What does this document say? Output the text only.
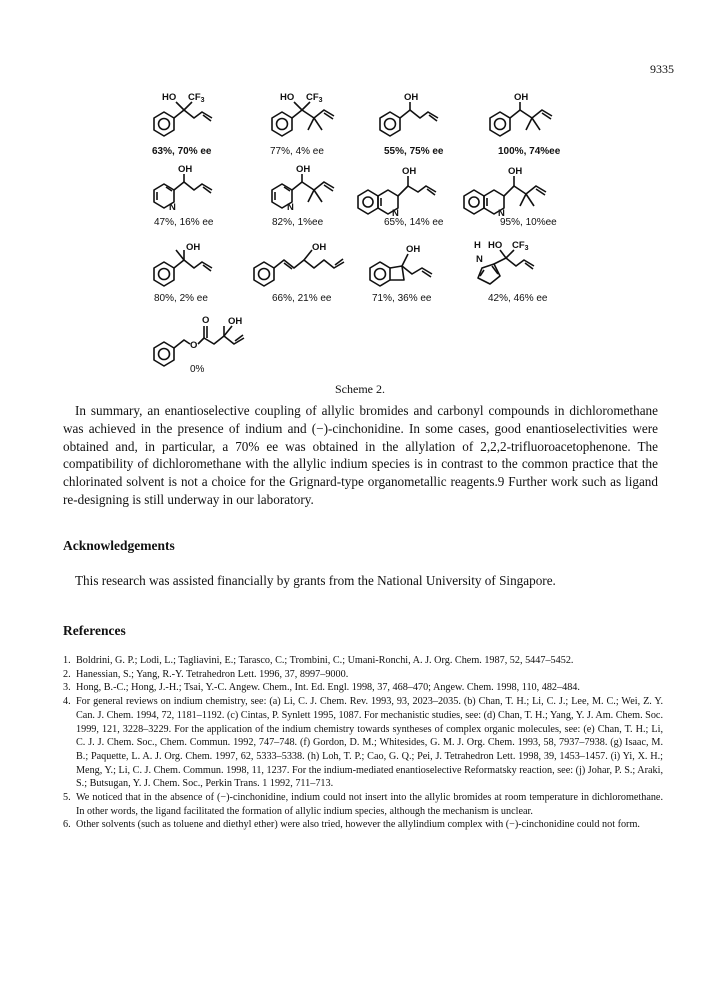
9335
HO $CF_3$	HO $CF_3$	OH	OH
OH
N
OH
N
OH
N
OH
N
OH	OH	OH	H
N
HO $CF_3$
O
O OH
63%, 70% ee	77%, 4% ee	55%, 75% ee	100%, 74%ee
47%, 16% ee	82%, 1%ee	65%, 14% ee	95%, 10%ee
80%, 2% ee	66%, 21% ee	71%, 36% ee	42%, 46% ee
0%
Scheme 2.

In summary, an enantioselective coupling of allylic bromides and carbonyl compounds in dichloromethane was achieved in the presence of indium and (−)-cinchonidine. In some cases, good enantioselectivities were obtained and, in particular, a 70% ee was obtained in the allylation of 2,2,2-trifluoroacetophenone. The compatibility of dichloromethane with the allylic indium species is in contrast to the common practice that the chlorinated solvent is not a choice for the Grignard-type organometallic reagents.9 Further work such as ligand re-designing is still underway in our laboratory.

Acknowledgements
This research was assisted financially by grants from the National University of Singapore.
References
1. Boldrini, G. P.; Lodi, L.; Tagliavini, E.; Tarasco, C.; Trombini, C.; Umani-Ronchi, A. J. Org. Chem. 1987, 52, 5447–5452.
2. Hanessian, S.; Yang, R.-Y. Tetrahedron Lett. 1996, 37, 8997–9000.
3. Hong, B.-C.; Hong, J.-H.; Tsai, Y.-C. Angew. Chem., Int. Ed. Engl. 1998, 37, 468–470; Angew. Chem. 1998, 110, 482–484.
4. For general reviews on indium chemistry, see: (a) Li, C. J. Chem. Rev. 1993, 93, 2023–2035. (b) Chan, T. H.; Li, C. J.; Lee, M. C.; Wei, Z. Y. Can. J. Chem. 1994, 72, 1181–1192. (c) Cintas, P. Synlett 1995, 1087. For mechanistic studies, see: (d) Chan, T. H.; Yang, Y. J. Am. Chem. Soc. 1999, 121, 3228–3229. For the application of the indium chemistry towards syntheses of complex organic molecules, see: (e) Chan, T. H.; Li, C. J. J. Chem. Soc., Chem. Commun. 1992, 747–748. (f) Gordon, D. M.; Whitesides, G. M. J. Org. Chem. 1993, 58, 7937–7938. (g) Isaac, M. B.; Paquette, L. A. J. Org. Chem. 1997, 62, 5333–5338. (h) Loh, T. P.; Cao, G. Q.; Pei, J. Tetrahedron Lett. 1998, 39, 1453–1457. (i) Yi, X. H.; Meng, Y.; Li, C. J. Chem. Commun. 1998, 11, 1237. For the indium-mediated enantioselective Reformatsky reaction, see: (j) Johar, P. S.; Araki, S.; Butsugan, Y. J. Chem. Soc., Perkin Trans. 1 1992, 711–713.
5. We noticed that in the absence of (−)-cinchonidine, indium could not insert into the allylic bromides at room temperature in dichloromethane. In other words, the ligand facilitated the formation of allylic indium species, although the mechanism is unclear.
6. Other solvents (such as toluene and diethyl ether) were also tried, however the allylindium complex with (−)-cinchonidine could not form.
